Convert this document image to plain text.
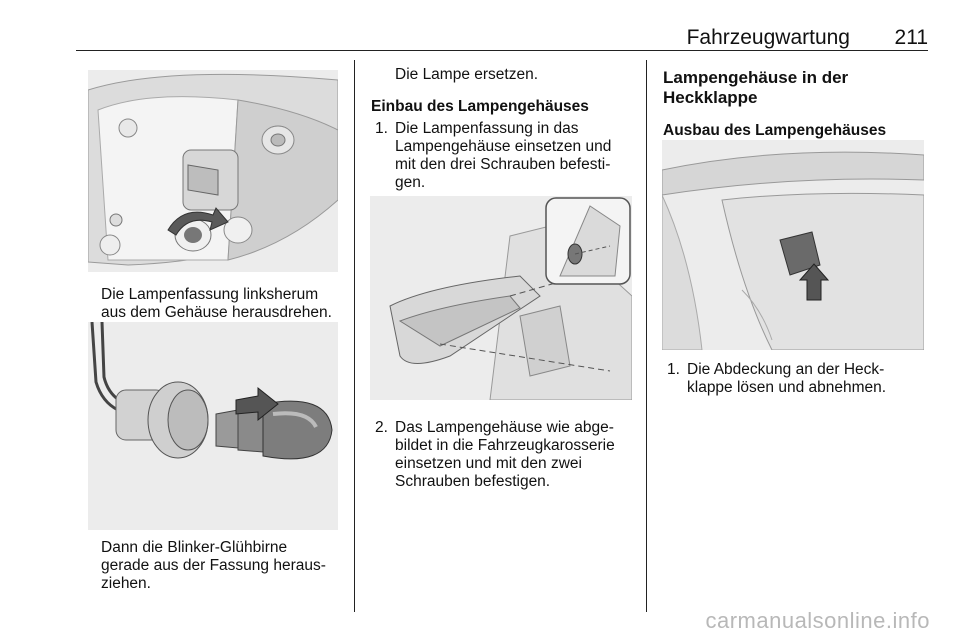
Fahrzeugwartung 211
Die Lampenfassung linksherum
aus dem Gehäuse herausdrehen.
Dann die Blinker-Glühbirne
gerade aus der Fassung heraus-
ziehen.
Die Lampe ersetzen.
Einbau des Lampengehäuses
1. Die Lampenfassung in das
Lampengehäuse einsetzen und
mit den drei Schrauben befesti-
gen.
2. Das Lampengehäuse wie abge-
bildet in die Fahrzeugkarosserie
einsetzen und mit den zwei
Schrauben befestigen.
Lampengehäuse in der
Heckklappe
Ausbau des Lampengehäuses
1. Die Abdeckung an der Heck-
klappe lösen und abnehmen.
carmanualsonline.info
